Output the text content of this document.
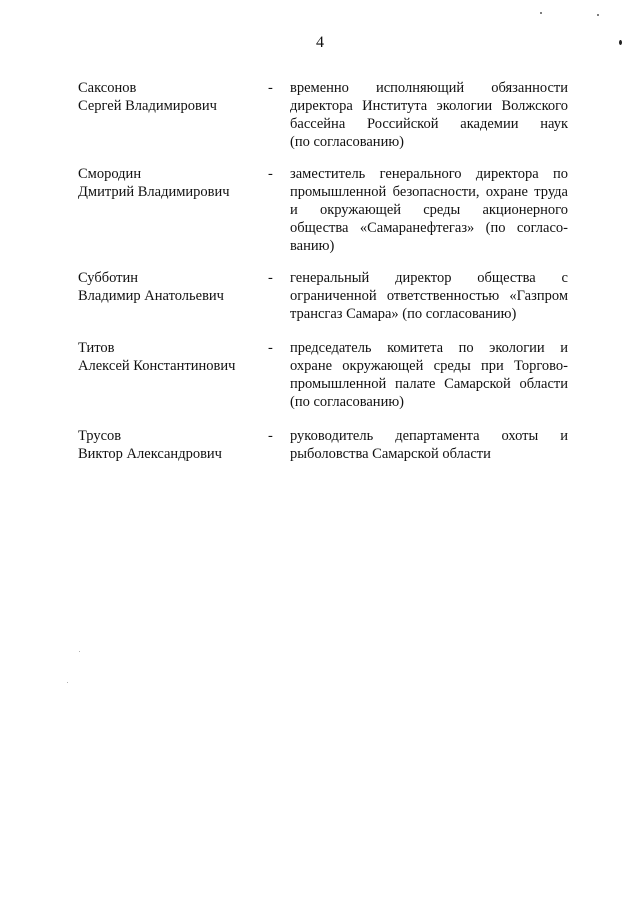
4
Саксонов
Сергей Владимирович
- временно исполняющий обязанности
директора Института экологии Волжского
бассейна Российской академии наук
(по согласованию)
Смородин
Дмитрий Владимирович
- заместитель генерального директора по
промышленной безопасности, охране труда
и окружающей среды акционерного
общества «Самаранефтегаз» (по согласо-
ванию)
Субботин
Владимир Анатольевич
- генеральный директор общества с
ограниченной ответственностью «Газпром
трансгаз Самара» (по согласованию)
Титов
Алексей Константинович
- председатель комитета по экологии и
охране окружающей среды при Торгово-
промышленной палате Самарской области
(по согласованию)
Трусов
Виктор Александрович
- руководитель департамента охоты и
рыболовства Самарской области
